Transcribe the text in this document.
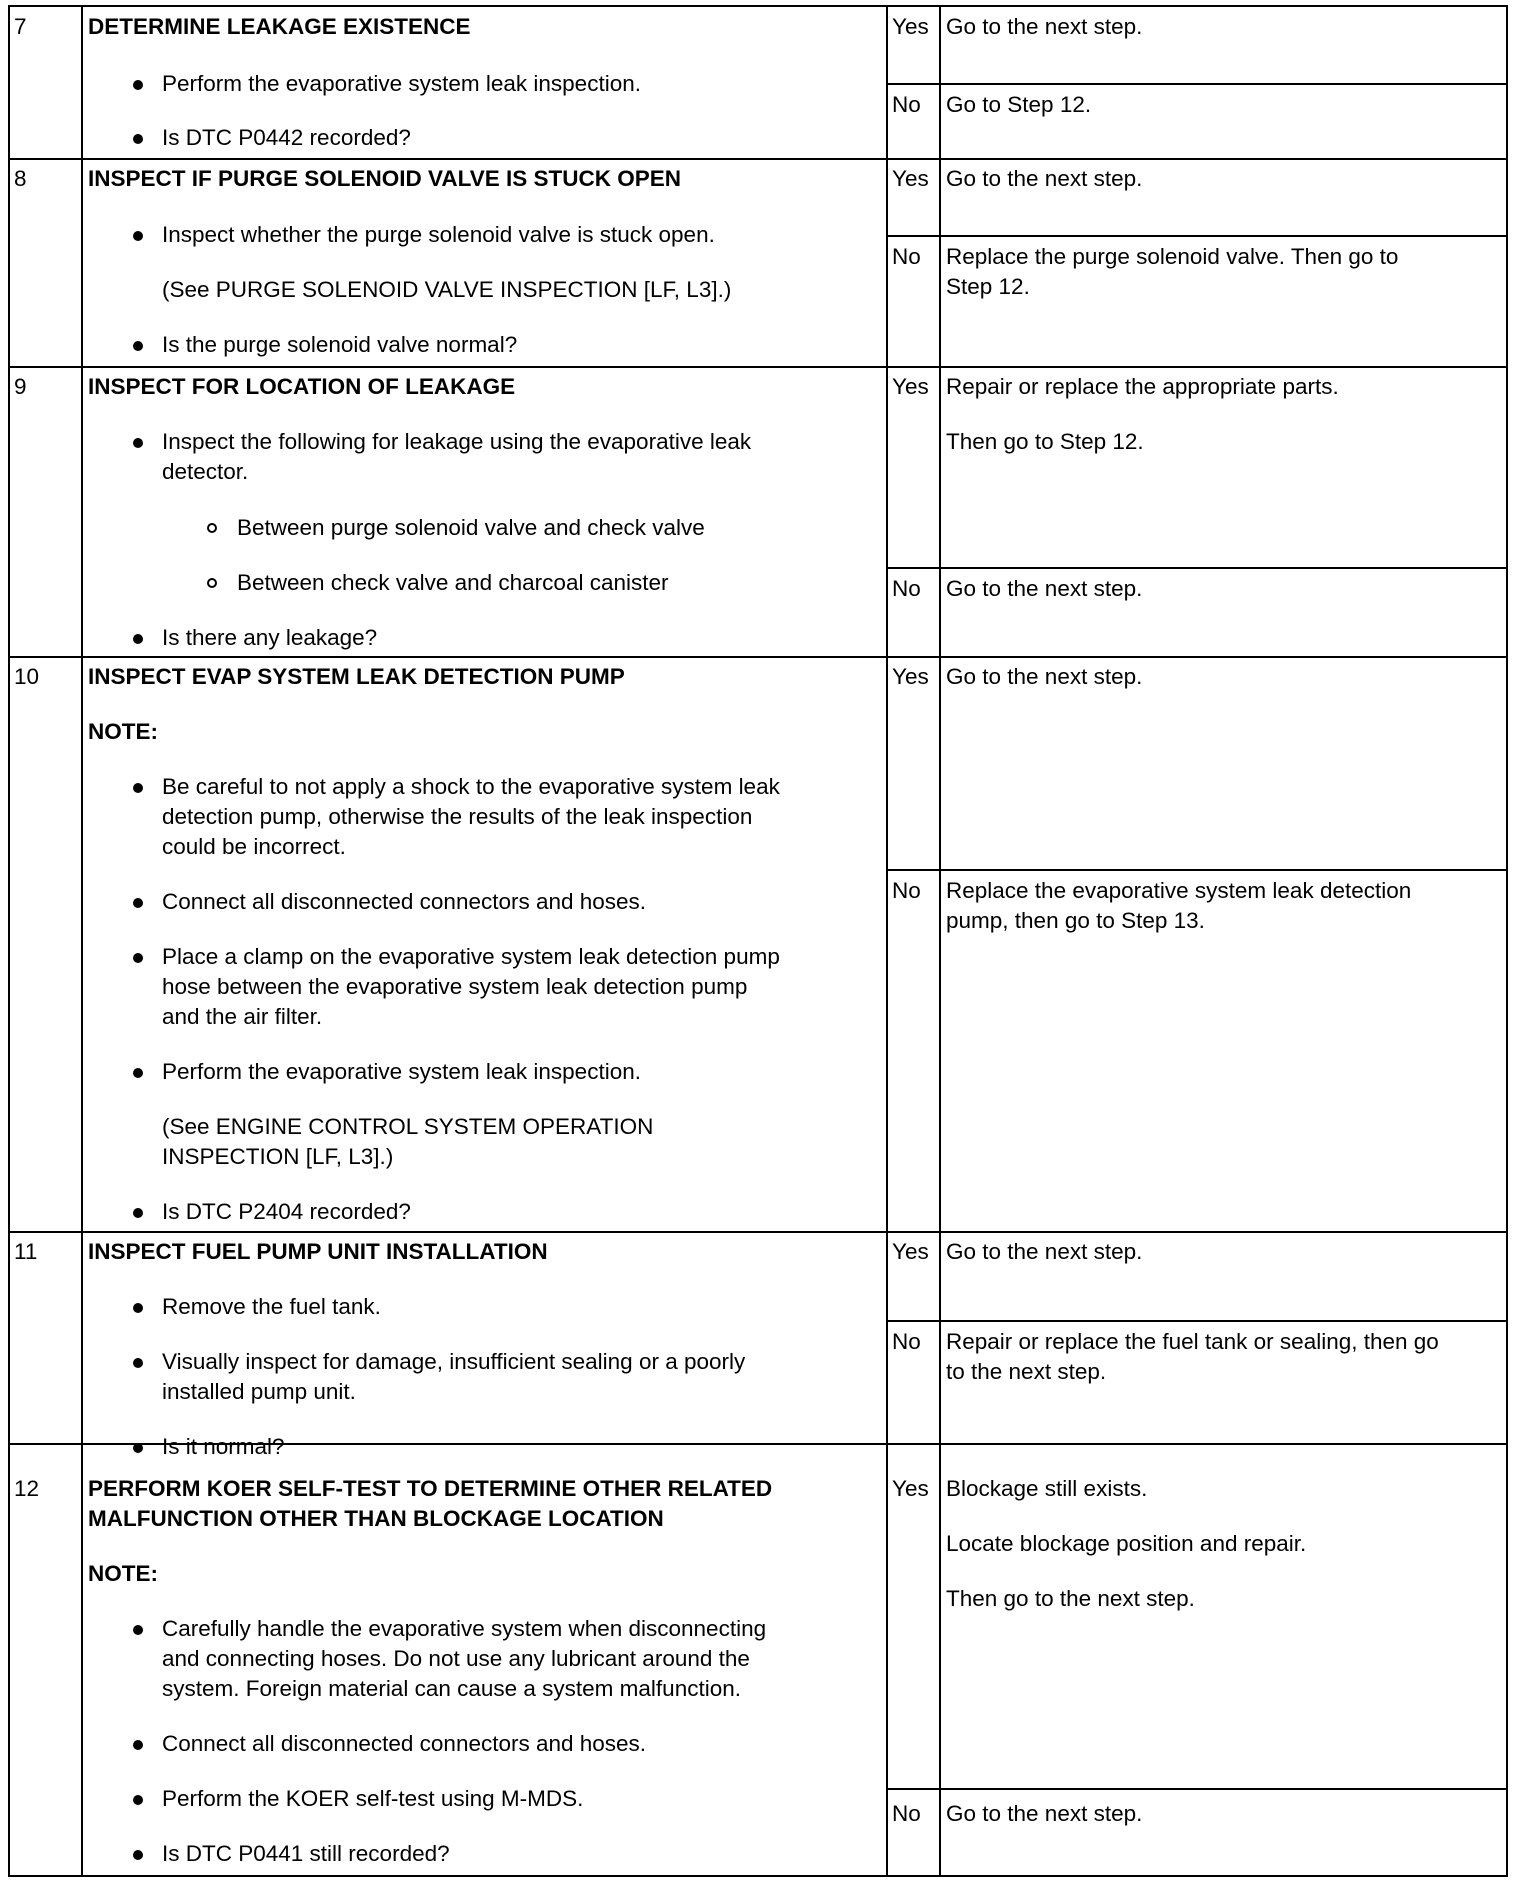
7	DETERMINE LEAKAGE EXISTENCE
Perform the evaporative system leak inspection.
Is DTC P0442 recorded?
Yes Go to the next step.
No Go to Step 12.
8	INSPECT IF PURGE SOLENOID VALVE IS STUCK OPEN
Inspect whether the purge solenoid valve is stuck open.
(See PURGE SOLENOID VALVE INSPECTION [LF, L3].)
Is the purge solenoid valve normal?
Yes Go to the next step.
No Replace the purge solenoid valve. Then go to
Step 12.
9	INSPECT FOR LOCATION OF LEAKAGE
Inspect the following for leakage using the evaporative leak
detector.
Between purge solenoid valve and check valve
Between check valve and charcoal canister
Is there any leakage?
Yes Repair or replace the appropriate parts.
Then go to Step 12.
No Go to the next step.
10 INSPECT EVAP SYSTEM LEAK DETECTION PUMP
NOTE:
Be careful to not apply a shock to the evaporative system leak
detection pump, otherwise the results of the leak inspection
could be incorrect.
Connect all disconnected connectors and hoses.
Place a clamp on the evaporative system leak detection pump
hose between the evaporative system leak detection pump
and the air filter.
Perform the evaporative system leak inspection.
(See ENGINE CONTROL SYSTEM OPERATION
INSPECTION [LF, L3].)
Is DTC P2404 recorded?
Yes Go to the next step.
No Replace the evaporative system leak detection
pump, then go to Step 13.
11 INSPECT FUEL PUMP UNIT INSTALLATION
Remove the fuel tank.
Visually inspect for damage, insufficient sealing or a poorly
installed pump unit.
Is it normal?
Yes Go to the next step.
No Repair or replace the fuel tank or sealing, then go
to the next step.
12 PERFORM KOER SELF-TEST TO DETERMINE OTHER RELATED
MALFUNCTION OTHER THAN BLOCKAGE LOCATION
NOTE:
Carefully handle the evaporative system when disconnecting
and connecting hoses. Do not use any lubricant around the
system. Foreign material can cause a system malfunction.
Connect all disconnected connectors and hoses.
Perform the KOER self-test using M-MDS.
Is DTC P0441 still recorded?
Yes Blockage still exists.
Locate blockage position and repair.
Then go to the next step.
No Go to the next step.
